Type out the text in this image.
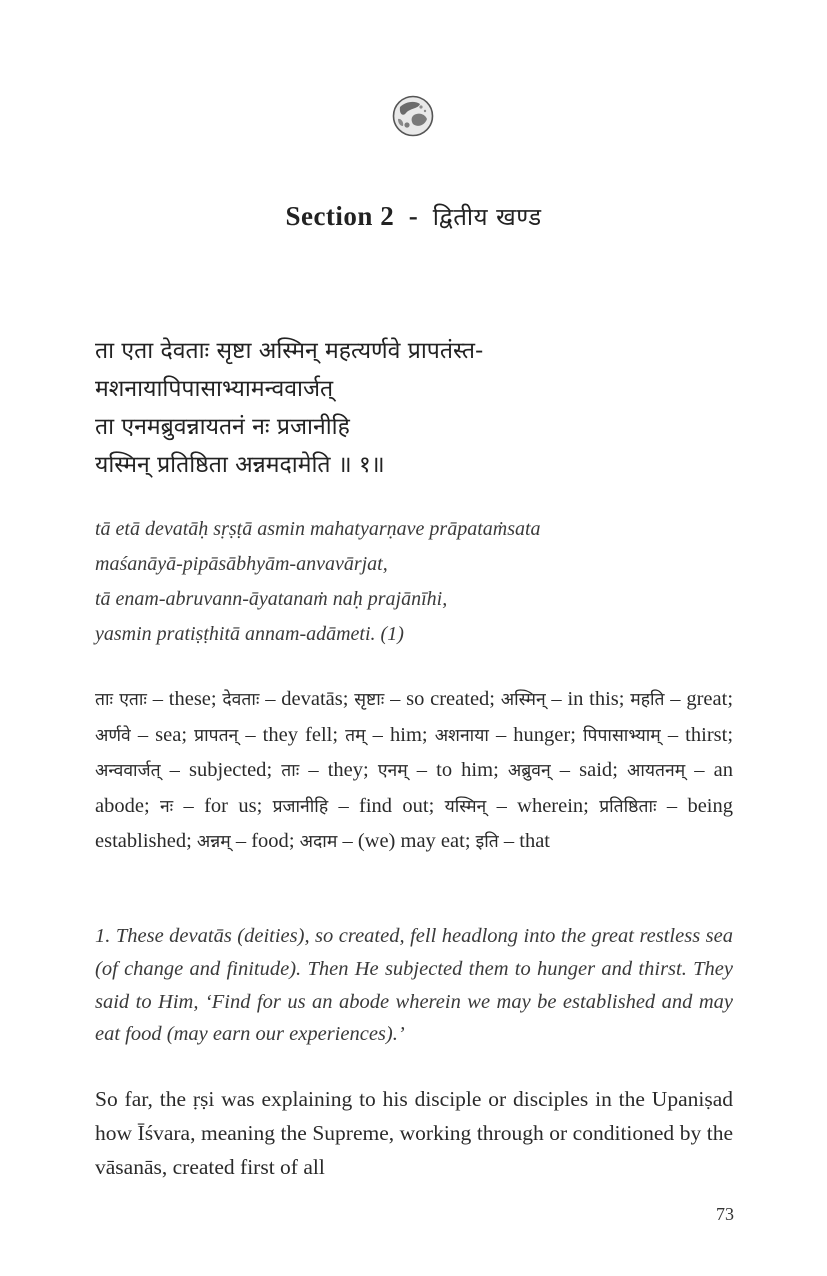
Section 2 - द्वितीय खण्ड
ता एता देवताः सृष्टा अस्मिन् महत्यर्णवे प्रापतंस्त-
मशनायापिपासाभ्यामन्ववार्जत्
ता एनमब्रुवन्नायतनं नः प्रजानीहि
यस्मिन् प्रतिष्ठिता अन्नमदामेति ॥ १॥
tā etā devatāḥ sṛṣṭā asmin mahatyarṇave prāpataṁsata
maśanāyā-pipāsābhyām-anvavārjat,
tā enam-abruvann-āyatanaṁ naḥ prajānīhi,
yasmin pratiṣṭhitā annam-adāmeti. (1)
ताः एताः – these; देवताः – devatās; सृष्टाः – so created; अस्मिन् – in this; महति – great; अर्णवे – sea; प्रापतन् – they fell; तम् – him; अशनाया – hunger; पिपासाभ्याम् – thirst; अन्ववार्जत् – subjected; ताः – they; एनम् – to him; अब्रुवन् – said; आयतनम् – an abode; नः – for us; प्रजानीहि – find out; यस्मिन् – wherein; प्रतिष्ठिताः – being established; अन्नम् – food; अदाम – (we) may eat; इति – that
1. These devatās (deities), so created, fell headlong into the great restless sea (of change and finitude). Then He subjected them to hunger and thirst. They said to Him, ‘Find for us an abode wherein we may be established and may eat food (may earn our experiences).’
So far, the ṛṣi was explaining to his disciple or disciples in the Upaniṣad how Īśvara, meaning the Supreme, working through or conditioned by the vāsanās, created first of all
73
